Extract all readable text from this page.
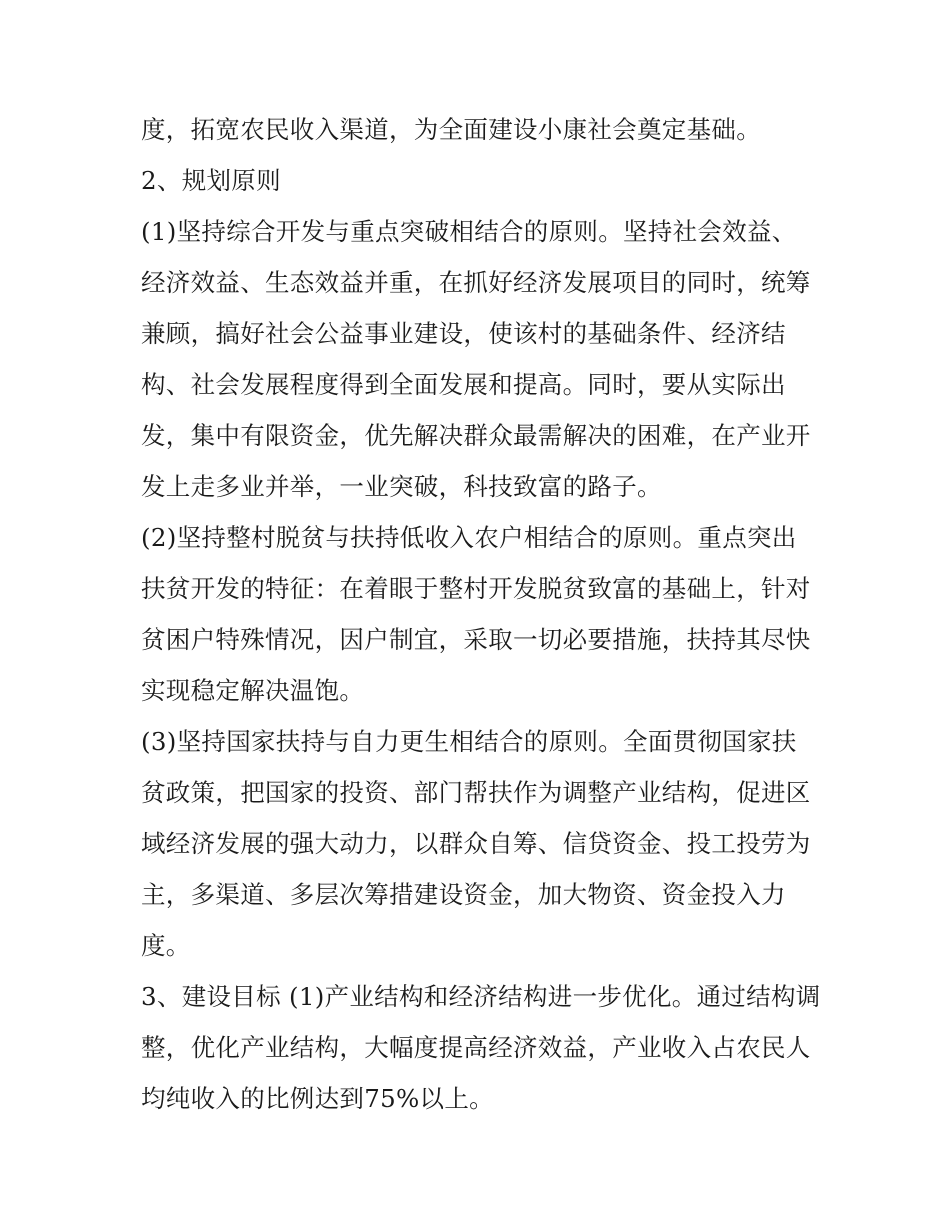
度，拓宽农民收入渠道，为全面建设小康社会奠定基础。
2、规划原则
(1)坚持综合开发与重点突破相结合的原则。坚持社会效益、
经济效益、生态效益并重，在抓好经济发展项目的同时，统筹
兼顾，搞好社会公益事业建设，使该村的基础条件、经济结
构、社会发展程度得到全面发展和提高。同时，要从实际出
发，集中有限资金，优先解决群众最需解决的困难，在产业开
发上走多业并举，一业突破，科技致富的路子。
(2)坚持整村脱贫与扶持低收入农户相结合的原则。重点突出
扶贫开发的特征：在着眼于整村开发脱贫致富的基础上，针对
贫困户特殊情况，因户制宜，采取一切必要措施，扶持其尽快
实现稳定解决温饱。
(3)坚持国家扶持与自力更生相结合的原则。全面贯彻国家扶
贫政策，把国家的投资、部门帮扶作为调整产业结构，促进区
域经济发展的强大动力，以群众自筹、信贷资金、投工投劳为
主，多渠道、多层次筹措建设资金，加大物资、资金投入力
度。
3、建设目标 (1)产业结构和经济结构进一步优化。通过结构调
整，优化产业结构，大幅度提高经济效益，产业收入占农民人
均纯收入的比例达到75%以上。
